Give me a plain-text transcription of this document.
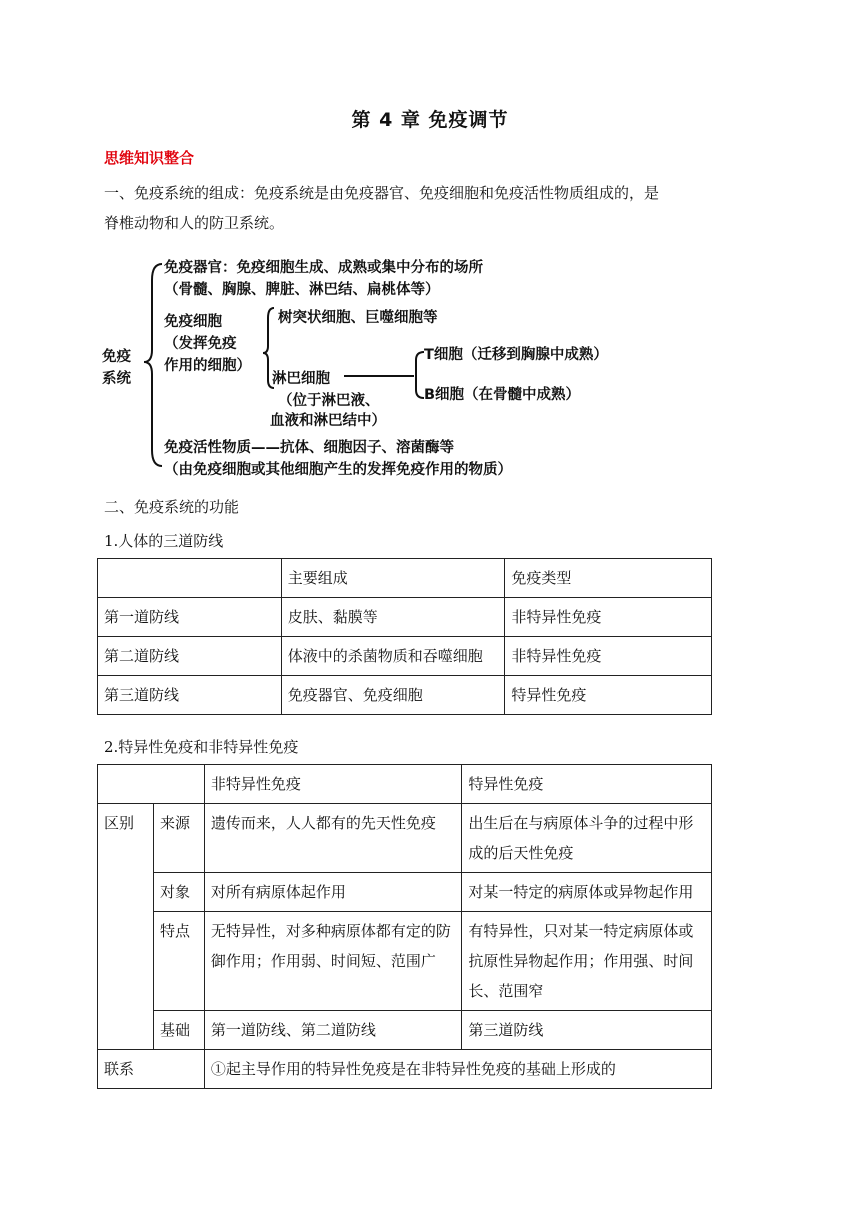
第 4 章 免疫调节
思维知识整合
一、免疫系统的组成：免疫系统是由免疫器官、免疫细胞和免疫活性物质组成的，是
脊椎动物和人的防卫系统。
免疫
系统
免疫器官：免疫细胞生成、成熟或集中分布的场所
（骨髓、胸腺、脾脏、淋巴结、扁桃体等）
免疫细胞
（发挥免疫
作用的细胞）
树突状细胞、巨噬细胞等
淋巴细胞
（位于淋巴液、
血液和淋巴结中）
T细胞（迁移到胸腺中成熟）
B细胞（在骨髓中成熟）
免疫活性物质——抗体、细胞因子、溶菌酶等
（由免疫细胞或其他细胞产生的发挥免疫作用的物质）
二、免疫系统的功能
1.人体的三道防线
	主要组成	免疫类型
第一道防线	皮肤、黏膜等	非特异性免疫
第二道防线	体液中的杀菌物质和吞噬细胞	非特异性免疫
第三道防线	免疫器官、免疫细胞	特异性免疫
2.特异性免疫和非特异性免疫
		非特异性免疫	特异性免疫
区别	来源	遗传而来，人人都有的先天性免疫	出生后在与病原体斗争的过程中形成的后天性免疫
	对象	对所有病原体起作用	对某一特定的病原体或异物起作用
	特点	无特异性，对多种病原体都有定的防御作用；作用弱、时间短、范围广	有特异性，只对某一特定病原体或抗原性异物起作用；作用强、时间长、范围窄
	基础	第一道防线、第二道防线	第三道防线
联系		①起主导作用的特异性免疫是在非特异性免疫的基础上形成的	
